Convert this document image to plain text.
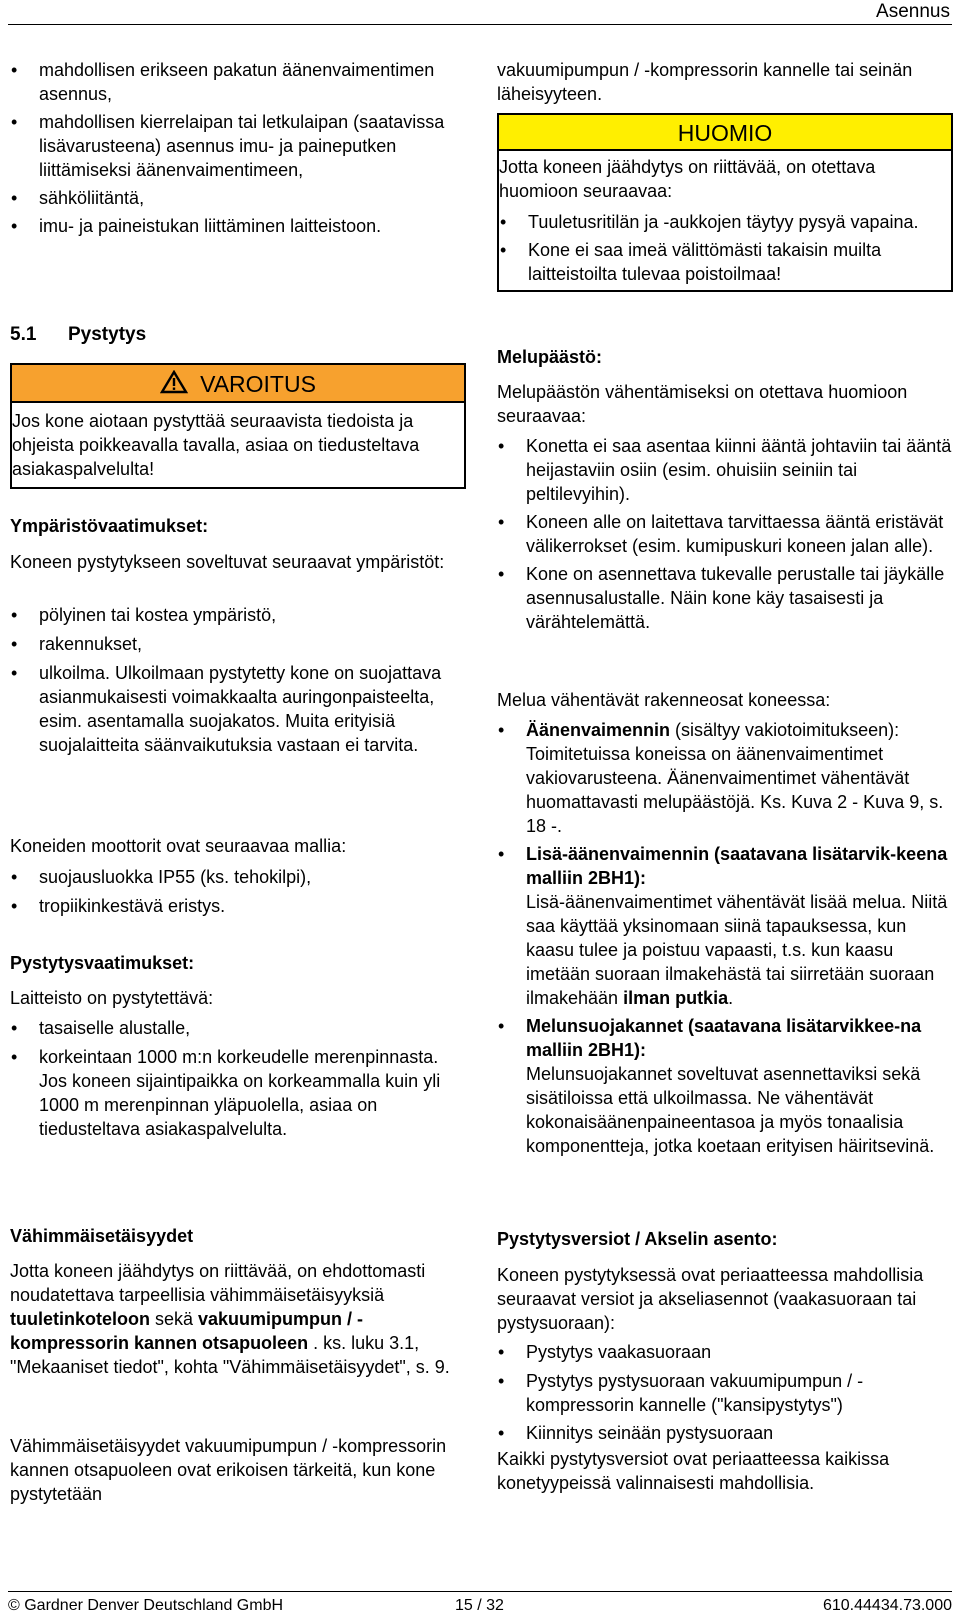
Asennus
• mahdollisen erikseen pakatun äänenvaimentimen asennus,
• mahdollisen kierrelaipan tai letkulaipan (saatavissa lisävarusteena) asennus imu- ja paineputken liittämiseksi äänenvaimentimeen,
• sähköliitäntä,
• imu- ja paineistukan liittäminen laitteistoon.
5.1 Pystytys
VAROITUS
Jos kone aiotaan pystyttää seuraavista tiedoista ja ohjeista poikkeavalla tavalla, asiaa on tiedusteltava asiakaspalvelulta!
Ympäristövaatimukset:
Koneen pystytykseen soveltuvat seuraavat ympäristöt:
• pölyinen tai kostea ympäristö,
• rakennukset,
• ulkoilma. Ulkoilmaan pystytetty kone on suojattava asianmukaisesti voimakkaalta auringonpaisteelta, esim. asentamalla suojakatos. Muita erityisiä suojalaitteita säänvaikutuksia vastaan ei tarvita.
Koneiden moottorit ovat seuraavaa mallia:
• suojausluokka IP55 (ks. tehokilpi),
• tropiikinkestävä eristys.
Pystytysvaatimukset:
Laitteisto on pystytettävä:
• tasaiselle alustalle,
• korkeintaan 1000 m:n korkeudelle merenpinnasta. Jos koneen sijaintipaikka on korkeammalla kuin yli 1000 m merenpinnan yläpuolella, asiaa on tiedusteltava asiakaspalvelulta.
Vähimmäisetäisyydet

Jotta koneen jäähdytys on riittävää, on ehdottomasti noudatettava tarpeellisia vähimmäisetäisyyksiä tuuletinkoteloon sekä vakuumipumpun / -kompressorin kannen otsapuoleen . ks. luku 3.1, "Mekaaniset tiedot", kohta "Vähimmäisetäisyydet", s. 9.

Vähimmäisetäisyydet vakuumipumpun / -kompressorin kannen otsapuoleen ovat erikoisen tärkeitä, kun kone pystytetään

vakuumipumpun / -kompressorin kannelle tai seinän läheisyyteen.

HUOMIO
Jotta koneen jäähdytys on riittävää, on otettava huomioon seuraavaa:
• Tuuletusritilän ja -aukkojen täytyy pysyä vapaina.
• Kone ei saa imeä välittömästi takaisin muilta laitteistoilta tulevaa poistoilmaa!
Melupäästö:

Melupäästön vähentämiseksi on otettava huomioon seuraavaa:

• Konetta ei saa asentaa kiinni ääntä johtaviin tai ääntä heijastaviin osiin (esim. ohuisiin seiniin tai peltilevyihin).
• Koneen alle on laitettava tarvittaessa ääntä eristävät välikerrokset (esim. kumipuskuri koneen jalan alle).
• Kone on asennettava tukevalle perustalle tai jäykälle asennusalustalle. Näin kone käy tasaisesti ja värähtelemättä.

Melua vähentävät rakenneosat koneessa:

• Äänenvaimennin (sisältyy vakiotoimitukseen):
Toimitetuissa koneissa on äänenvaimentimet vakiovarusteena. Äänenvaimentimet vähentävät huomattavasti melupäästöjä. Ks. Kuva 2 - Kuva 9, s. 18 -.
• Lisä-äänenvaimennin (saatavana lisätarvik-keena malliin 2BH1):
Lisä-äänenvaimentimet vähentävät lisää melua. Niitä saa käyttää yksinomaan siinä tapauksessa, kun kaasu tulee ja poistuu vapaasti, t.s. kun kaasu imetään suoraan ilmakehästä tai siirretään suoraan ilmakehään ilman putkia.
• Melunsuojakannet (saatavana lisätarvikkee-na malliin 2BH1):
Melunsuojakannet soveltuvat asennettaviksi sekä sisätiloissa että ulkoilmassa. Ne vähentävät kokonaisäänenpaineentasoa ja myös tonaalisia komponentteja, jotka koetaan erityisen häiritsevinä.
Pystytysversiot / Akselin asento:

Koneen pystytyksessä ovat periaatteessa mahdollisia seuraavat versiot ja akseliasennot (vaakasuoraan tai pystysuoraan):

• Pystytys vaakasuoraan
• Pystytys pystysuoraan vakuumipumpun / -kompressorin kannelle ("kansipystytys")
• Kiinnitys seinään pystysuoraan

Kaikki pystytysversiot ovat periaatteessa kaikissa konetyypeissä valinnaisesti mahdollisia.

© Gardner Denver Deutschland GmbH	15 / 32	610.44434.73.000
